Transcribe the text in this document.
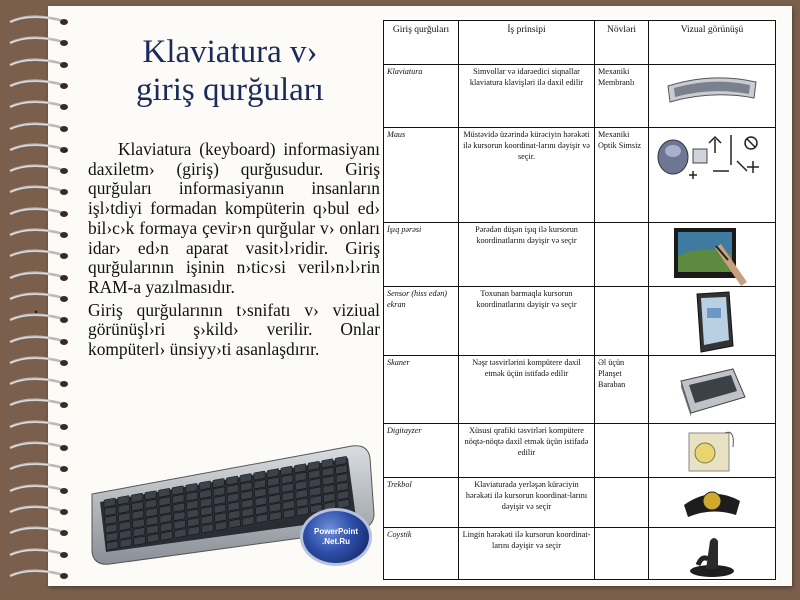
Klaviatura v›
giriş qurğuları

•	Klaviatura (keyboard) informasiyanı daxiletm› (giriş) qurğusudur. Giriş qurğuları informasiyanın insanların işl›tdiyi formadan kompüterin q›bul ed› bil›c›k formaya çevir›n qurğular v› onları idar› ed›n aparat vasit›l›ridir. Giriş qurğularının işinin n›tic›si veril›n›l›rin RAM-a yazılmasıdır.

•	Giriş qurğularının t›snifatı v› viziual görünüşl›ri ş›kild› verilir. Onlar kompüterl› ünsiyy›ti asanlaşdırır.

PowerPoint
.Net.Ru
Giriş qurğuları	İş prinsipi	Növləri	Vizual görünüşü
Klaviatura	Simvollar və idarəedici siqnallar klaviatura klavişləri ilə daxil edilir	Mexaniki Membranlı	

Maus	Müstəvidə üzərində kürəciyin hərəkəti ilə kursorun koordinat-larını dəyişir və seçir.	Mexaniki Optik Simsiz	

İşıq pərəsi	Pərədən düşən işıq ilə kursorun koordinatlarını dəyişir və seçir		

Sensor (hiss edən) ekran	Toxunan barmaqla kursorun koordinatlarını dəyişir və seçir		

Skaner	Nəşr təsvirlərini kompütere daxil etmək üçün istifadə edilir	Əl üçün Planşet Baraban	

Digitayzer	Xüsusi qrafiki təsvirləri kompütere nöqtə-nöqtə daxil etmək üçün istifadə edilir		

Trekbol	Klaviaturada yerləşən kürəciyin hərəkəti ilə kursorun koordinat-larını dəyişir və seçir		

Coystik	Lingin hərəkəti ilə kursorun koordinat-larını dəyişir və seçir		
